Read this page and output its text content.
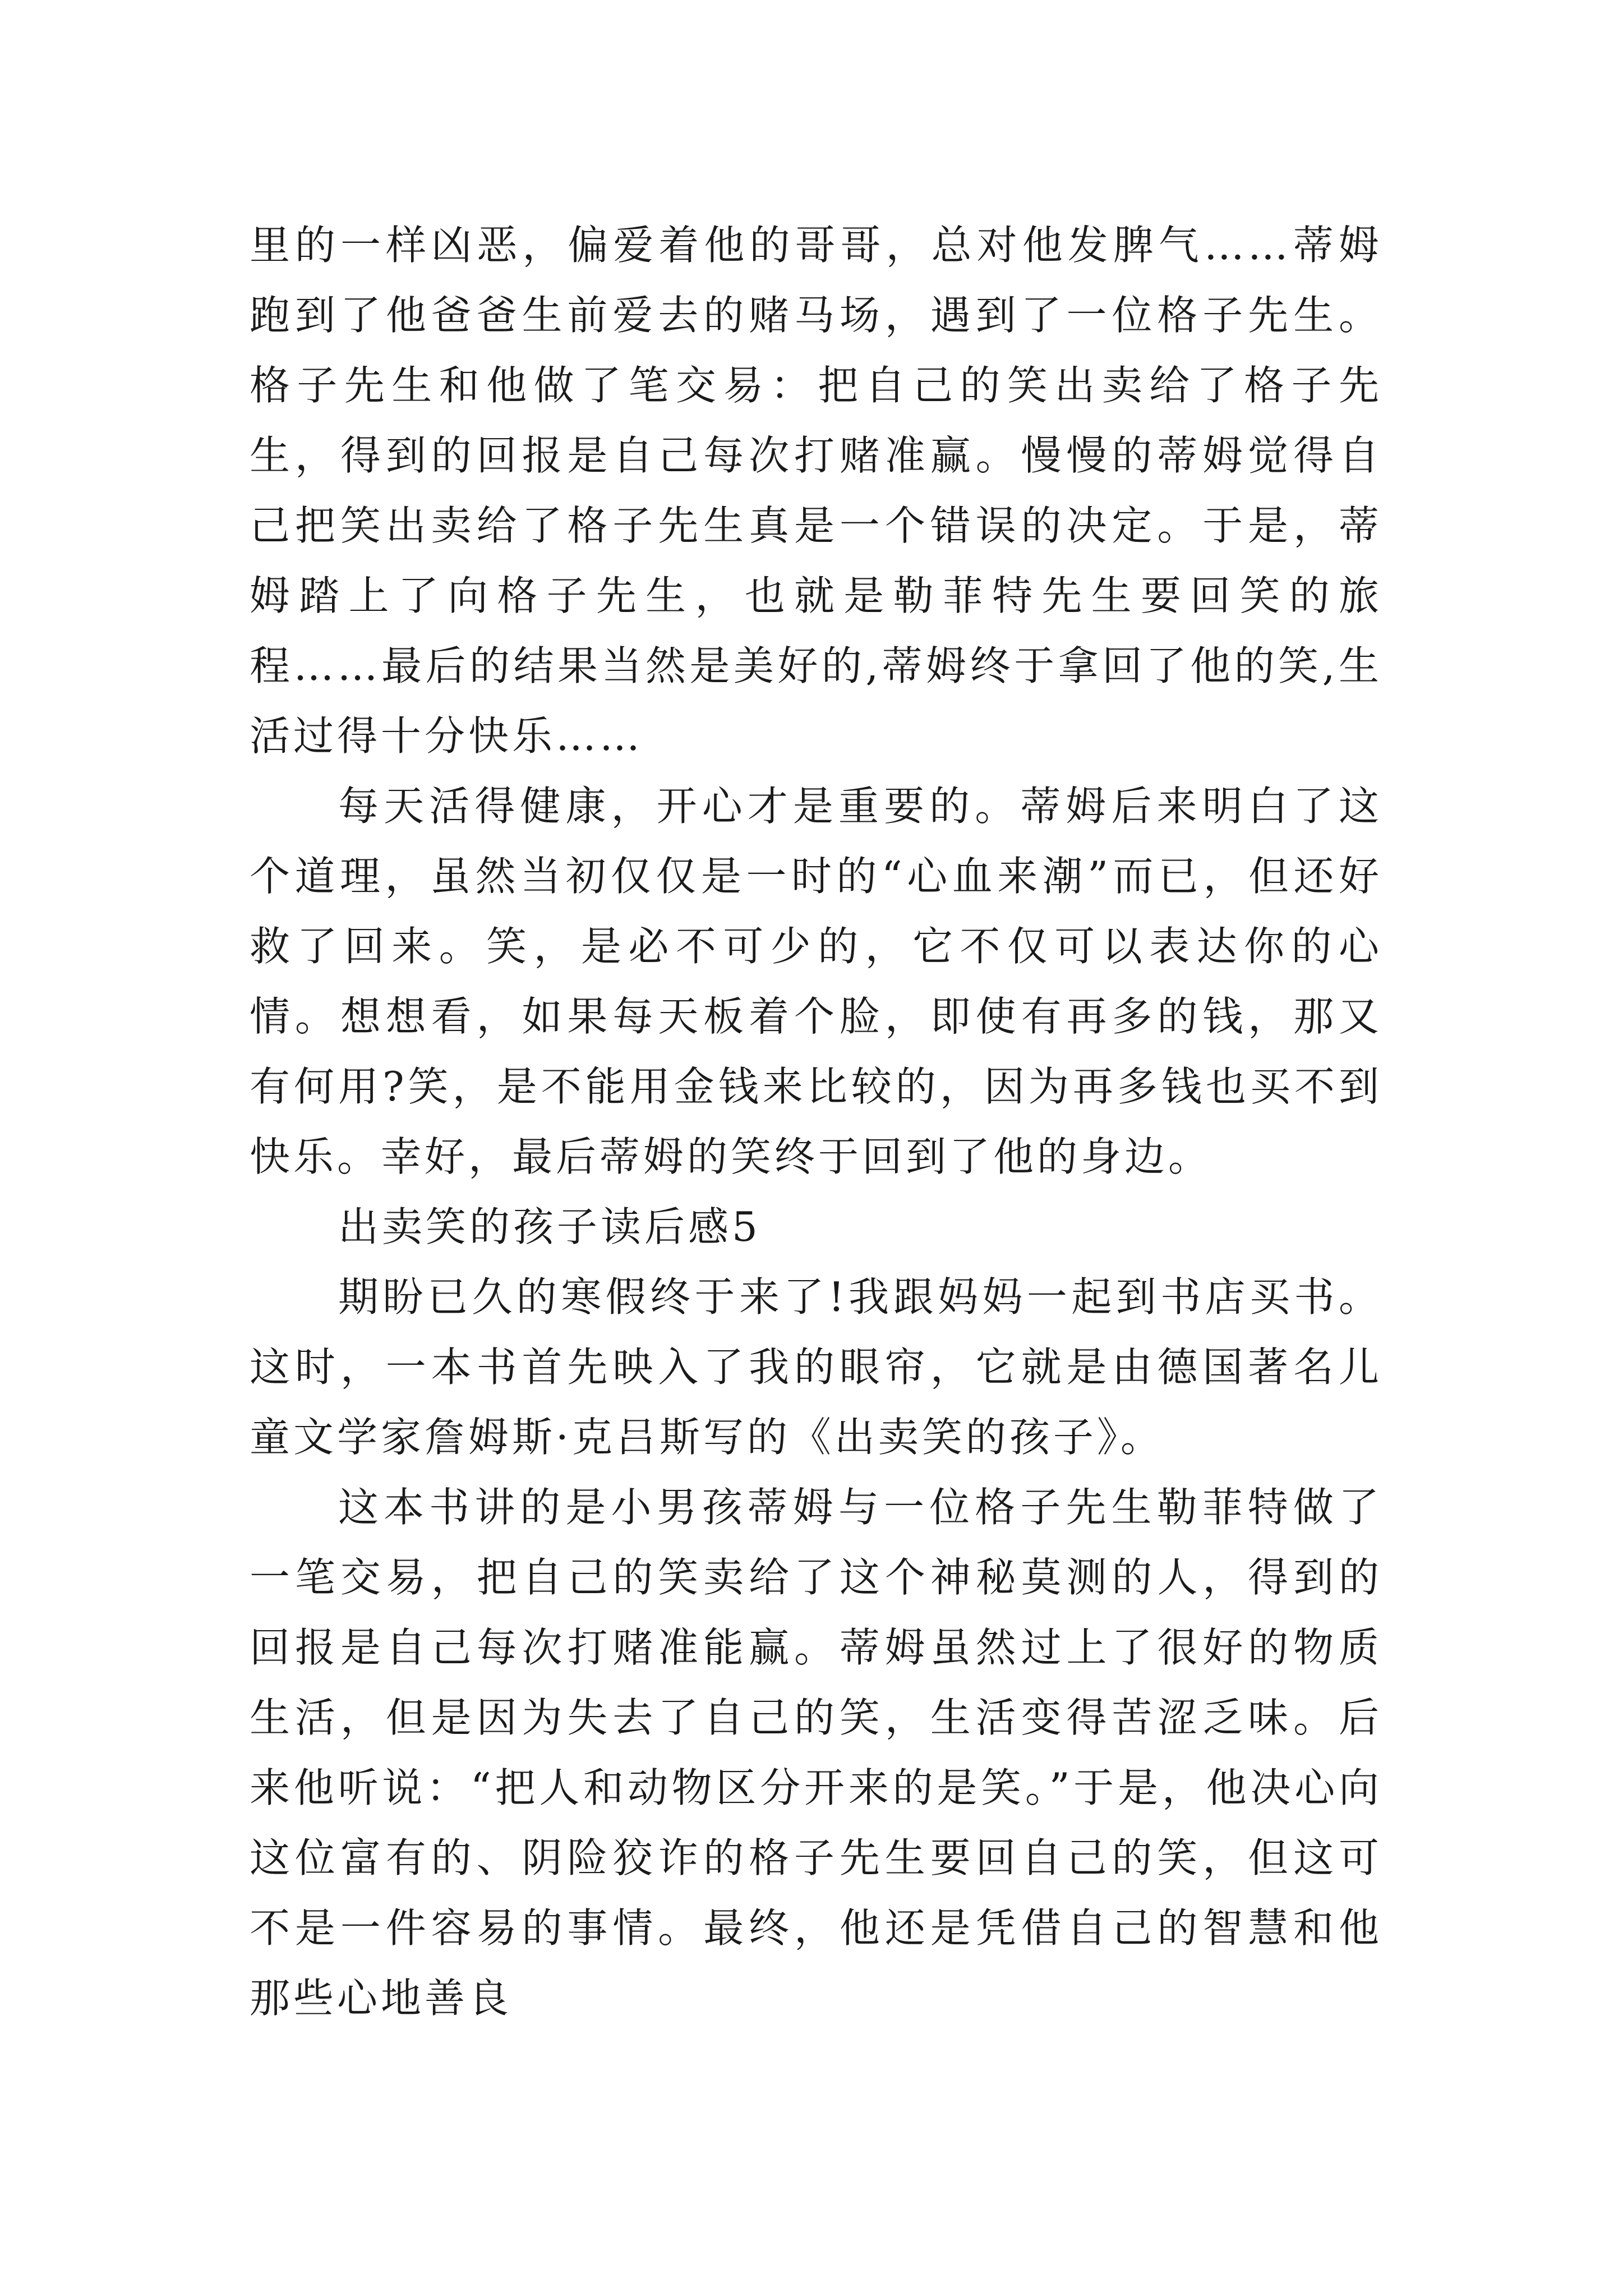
里的一样凶恶，偏爱着他的哥哥，总对他发脾气……蒂姆跑到了他爸爸生前爱去的赌马场，遇到了一位格子先生。格子先生和他做了笔交易：把自己的笑出卖给了格子先生，得到的回报是自己每次打赌准赢。慢慢的蒂姆觉得自己把笑出卖给了格子先生真是一个错误的决定。于是，蒂姆踏上了向格子先生，也就是勒菲特先生要回笑的旅程……最后的结果当然是美好的,蒂姆终于拿回了他的笑,生活过得十分快乐……

每天活得健康，开心才是重要的。蒂姆后来明白了这个道理，虽然当初仅仅是一时的“心血来潮”而已，但还好救了回来。笑，是必不可少的，它不仅可以表达你的心情。想想看，如果每天板着个脸，即使有再多的钱，那又有何用?笑，是不能用金钱来比较的，因为再多钱也买不到快乐。幸好，最后蒂姆的笑终于回到了他的身边。

出卖笑的孩子读后感5

期盼已久的寒假终于来了!我跟妈妈一起到书店买书。这时，一本书首先映入了我的眼帘，它就是由德国著名儿童文学家詹姆斯·克吕斯写的《出卖笑的孩子》。

这本书讲的是小男孩蒂姆与一位格子先生勒菲特做了一笔交易，把自己的笑卖给了这个神秘莫测的人，得到的回报是自己每次打赌准能赢。蒂姆虽然过上了很好的物质生活，但是因为失去了自己的笑，生活变得苦涩乏味。后来他听说：“把人和动物区分开来的是笑。”于是，他决心向这位富有的、阴险狡诈的格子先生要回自己的笑，但这可不是一件容易的事情。最终，他还是凭借自己的智慧和他那些心地善良
